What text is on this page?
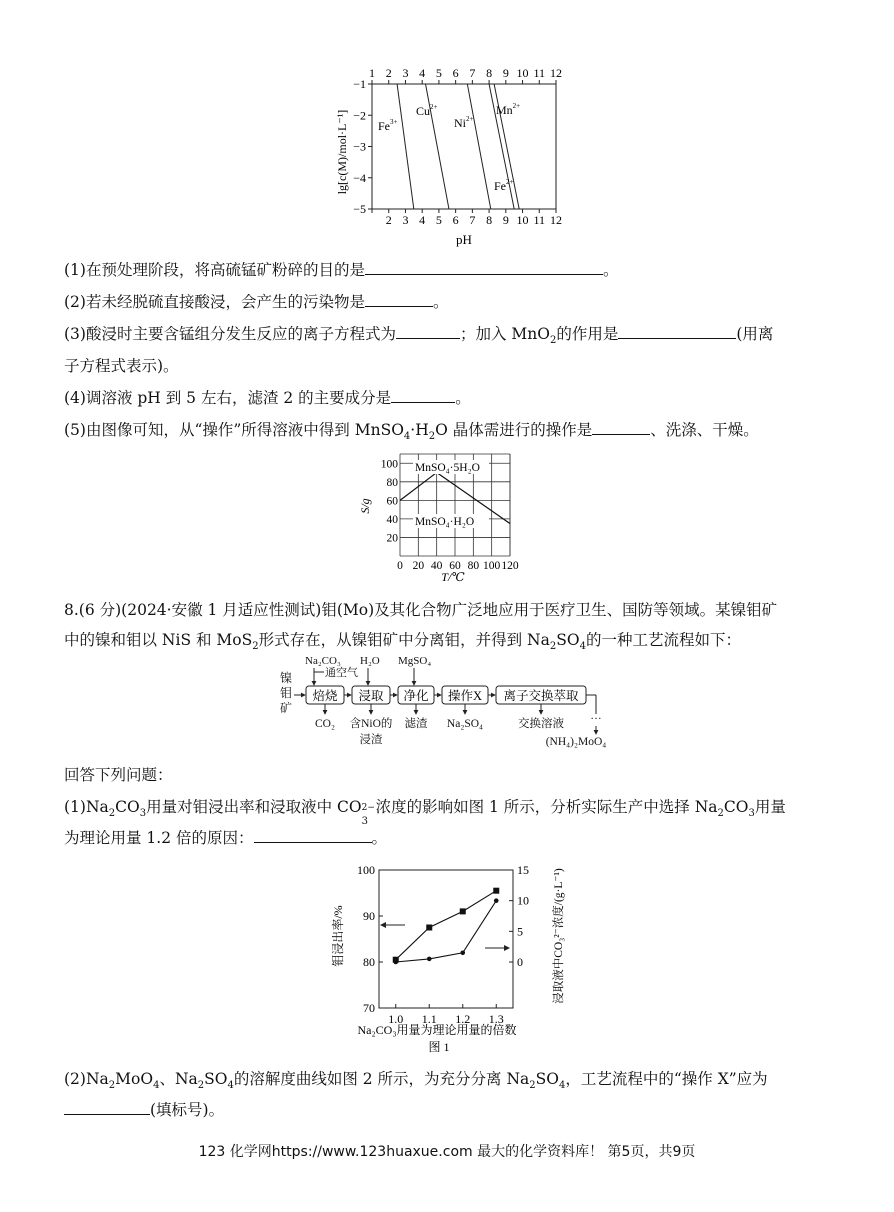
1 2 3 4 5 6 7 8 9 10 11 12
2 3 4 5 6 7 8 9 10 11 12
−1
−2
−3
−4
−5
pH
lg[c(M)/mol·L⁻¹] $Fe^{3+}$
$Cu^{2+}$
$Ni^{2+}$
$Mn^{2+}$
$Fe^{2+}$
(1)在预处理阶段，将高硫锰矿粉碎的目的是	。
(2)若未经脱硫直接酸浸，会产生的污染物是	。
(3)酸浸时主要含锰组分发生反应的离子方程式为	；加入 MnO$_2$的作用是	(用离
子方程式表示)。
(4)调溶液 pH 到 5 左右，滤渣 2 的主要成分是	。
(5)由图像可知，从“操作”所得溶液中得到 $MnSO_4\cdot H_2O$ 晶体需进行的操作是	、洗涤、干燥。
100
80
60
40
20
0 20 40 60 80 100 120
MnSO₄·5H₂O
MnSO₄·H₂O
S/g
T/℃
8.(6 分)(2024·安徽 1 月适应性测试)钼(Mo)及其化合物广泛地应用于医疗卫生、国防等领域。某镍钼矿
中的镍和钼以 NiS 和 MoS$_2$形式存在，从镍钼矿中分离钼，并得到 $Na_2SO_4$的一种工艺流程如下：
镍
钼
矿
Na₂CO₃
通空气
H₂O MgSO₄
焙烧 浸取 净化 操作X 离子交换萃取
CO₂ 含NiO的
浸渣
滤渣 Na₂SO₄	交换溶液 ···
(NH₄)₂MoO₄
回答下列问题：
$(1)Na_2CO_3$用量对钼浸出率和浸取液中 CO 2−
3
浓度的影响如图 1 所示，分析实际生产中选择 $Na_2CO_3$用量
为理论用量 1.2 倍的原因：	。
100
90
80
70
15
10
5
0
1.0 1.1 1.2 1.3
钼浸出率/%	浸取液中CO₃²⁻浓度/(g·L⁻¹)
Na₂CO₃用量为理论用量的倍数
图 1
$(2)Na_2MoO_4$、$Na_2SO_4$的溶解度曲线如图 2 所示，为充分分离 $Na_2SO_4$，工艺流程中的“操作 X”应为
(填标号)。
123 化学网https://www.123huaxue.com 最大的化学资料库！ 第5页，共9页
